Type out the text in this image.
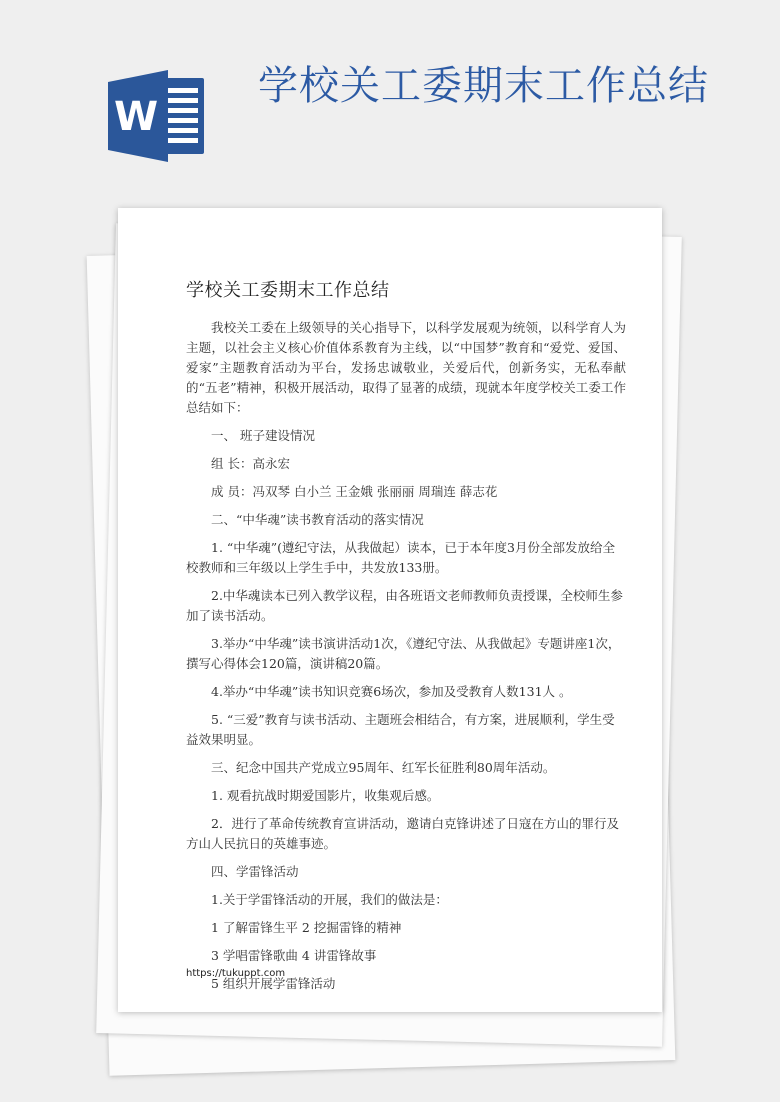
W
学校关工委期末工作总结
学校关工委期末工作总结

我校关工委在上级领导的关心指导下，以科学发展观为统领，以科学育人为主题，以社会主义核心价值体系教育为主线，以“中国梦”教育和“爱党、爱国、爱家”主题教育活动为平台，发扬忠诚敬业，关爱后代，创新务实，无私奉献的“五老”精神，积极开展活动，取得了显著的成绩，现就本年度学校关工委工作总结如下：

一、 班子建设情况

组 长：高永宏

成 员：冯双琴 白小兰 王金娥 张丽丽 周瑞连 薛志花

二、“中华魂”读书教育活动的落实情况

1. “中华魂”(遵纪守法，从我做起）读本，已于本年度3月份全部发放给全校教师和三年级以上学生手中，共发放133册。

2.中华魂读本已列入教学议程，由各班语文老师教师负责授课，全校师生参加了读书活动。

3.举办“中华魂”读书演讲活动1次，《遵纪守法、从我做起》专题讲座1次，撰写心得体会120篇，演讲稿20篇。

4.举办“中华魂”读书知识竞赛6场次，参加及受教育人数131人 。

5. “三爱”教育与读书活动、主题班会相结合，有方案，进展顺利，学生受益效果明显。

三、纪念中国共产党成立95周年、红军长征胜利80周年活动。

1. 观看抗战时期爱国影片，收集观后感。

2．进行了革命传统教育宣讲活动，邀请白克锋讲述了日寇在方山的罪行及方山人民抗日的英雄事迹。

四、学雷锋活动

1.关于学雷锋活动的开展，我们的做法是：

1 了解雷锋生平 2 挖掘雷锋的精神

3 学唱雷锋歌曲 4 讲雷锋故事

5 组织开展学雷锋活动

https://tukuppt.com
